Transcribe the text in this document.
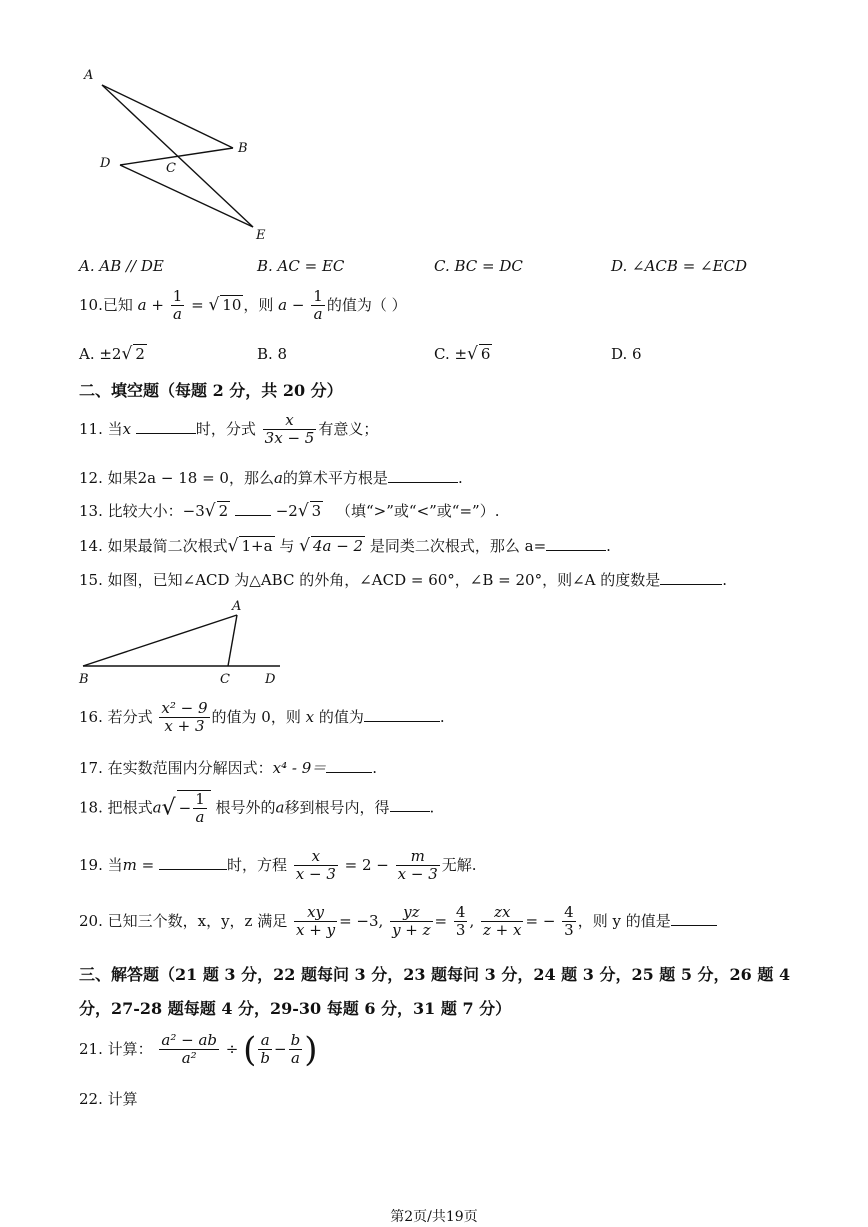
A
B
C
D
E
A. AB // DE	B. AC = EC	C. BC = DC	D. ∠ACB = ∠ECD
10.已知 $a + \frac{1}{a}$ = √ 10 ，则 $a - \frac{1}{a}$ 的值为（ ）
A. ±2√ 2	B. 8	C. ±√ 6	D. 6
二、填空题（每题 2 分，共 20 分）
11. 当x	时，分式 $\frac{x}{3x - 5}$ 有意义；
12. 如果2a − 18 = 0，那么a的算术平方根是	.
13. 比较大小：−3√ 2	−2√ 3 （填“>”或“<”或“=”）.
14. 如果最简二次根式√ 1+a 与 √ 4a − 2 是同类二次根式，那么 a=	.
15. 如图，已知∠ACD 为△ABC 的外角，∠ACD = 60°，∠B = 20°，则∠A 的度数是	.
A
B	C	D
16. 若分式 $\frac{\text{x² − 9}}{x + 3}$ 的值为 0，则 x 的值为	.
17. 在实数范围内分解因式：x⁴ - 9＝	.
18. 把根式$a√ - \frac{1}{a}$ 根号外的a移到根号内，得	.
19. 当m =	时，方程 $\frac{x}{x - 3} = 2 - \frac{m}{x - 3}$ 无解.
20. 已知三个数，x，y，z 满足 $\frac{xy}{x + y} = -3$, $\frac{yz}{y + z} = \frac{4}{3}$ , $\frac{zx}{z + x}$ = − $\frac{4}{3}$ ，则 y 的值是
三、解答题（21 题 3 分，22 题每问 3 分，23 题每问 3 分，24 题 3 分，25 题 5 分，26 题 4
分，27-28 题每题 4 分，29-30 每题 6 分，31 题 7 分）
21. 计算： $\frac{\text{a² − ab}}{\text{a²}}$ ÷ ( $\frac{a}{b} - \frac{b}{a}$ )
22. 计算
第2页/共19页
